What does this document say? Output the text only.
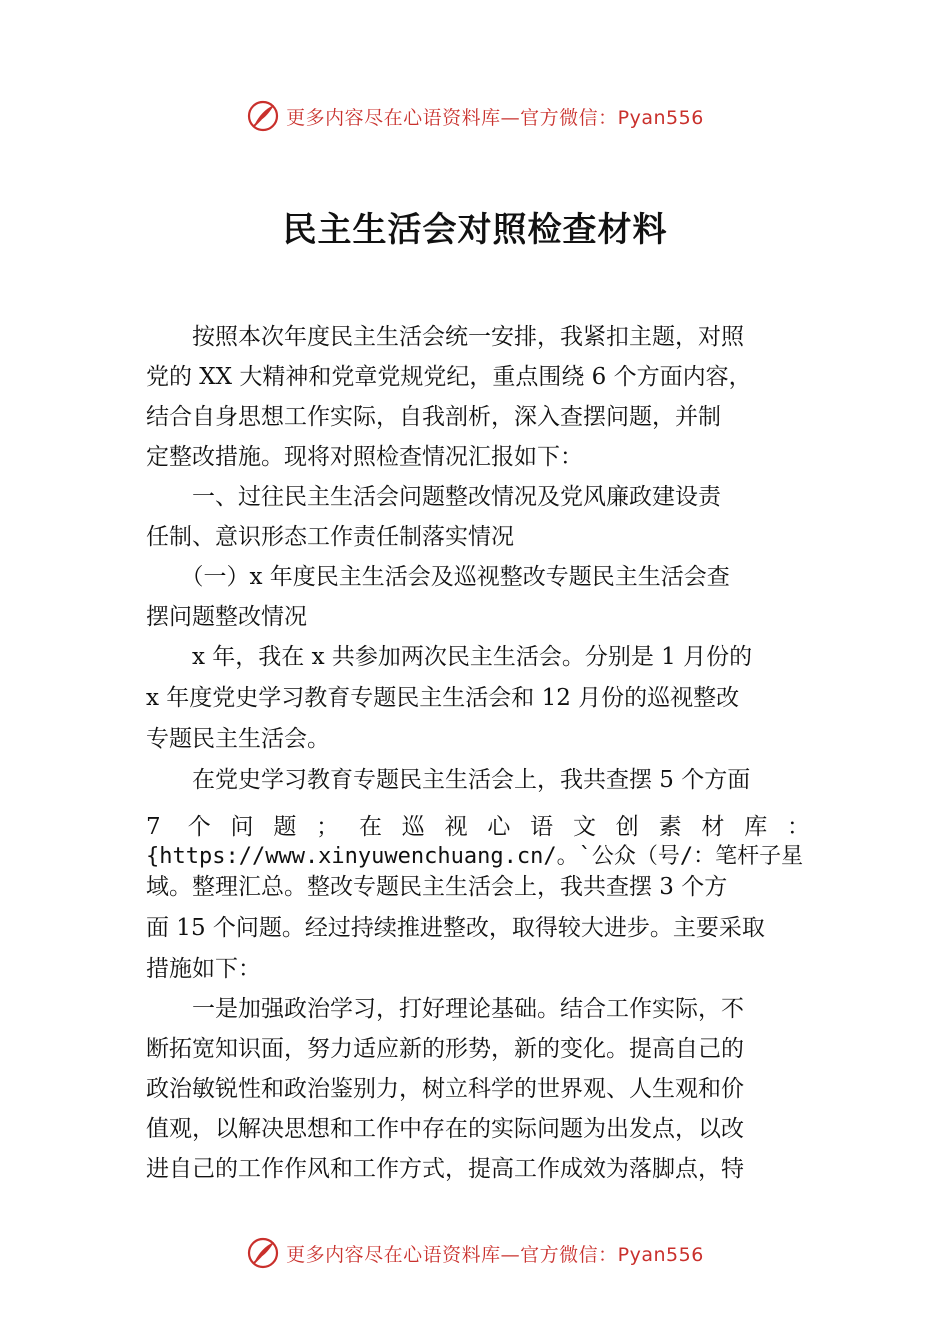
更多内容尽在心语资料库—官方微信：Pyan556
民主生活会对照检查材料
　　按照本次年度民主生活会统一安排，我紧扣主题，对照
党的 XX 大精神和党章党规党纪，重点围绕 6 个方面内容，
结合自身思想工作实际，自我剖析，深入查摆问题，并制
定整改措施。现将对照检查情况汇报如下：
　　一、过往民主生活会问题整改情况及党风廉政建设责
任制、意识形态工作责任制落实情况
　　（一）x 年度民主生活会及巡视整改专题民主生活会查
摆问题整改情况
　　x 年，我在 x 共参加两次民主生活会。分别是 1 月份的
x 年度党史学习教育专题民主生活会和 12 月份的巡视整改
专题民主生活会。
　　在党史学习教育专题民主生活会上，我共查摆 5 个方面
7 个问题；在巡视心语文创素材库：
{https://www.xinyuwenchuang.cn/。`公众（号/：笔杆子星
域。整理汇总。整改专题民主生活会上，我共查摆 3 个方
面 15 个问题。经过持续推进整改，取得较大进步。主要采取
措施如下：
　　一是加强政治学习，打好理论基础。结合工作实际，不
断拓宽知识面，努力适应新的形势，新的变化。提高自己的
政治敏锐性和政治鉴别力，树立科学的世界观、人生观和价
值观，以解决思想和工作中存在的实际问题为出发点，以改
进自己的工作作风和工作方式，提高工作成效为落脚点，特
更多内容尽在心语资料库—官方微信：Pyan556
